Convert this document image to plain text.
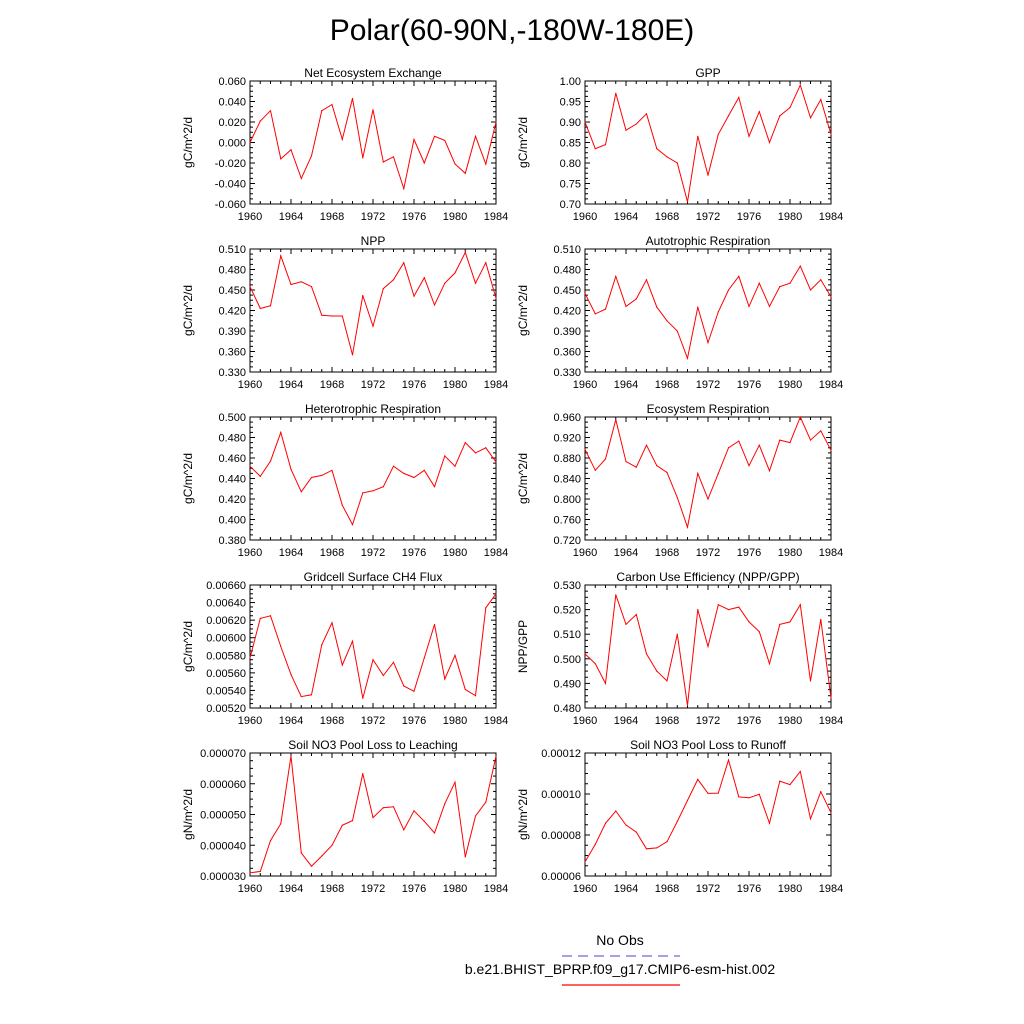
Polar(60-90N,-180W-180E)
Net Ecosystem Exchange
gC/m^2/d
1960 1964 1968 1972 1976 1980 1984
-0.060
-0.040
-0.020
0.000
0.020
0.040
0.060
GPP
gC/m^2/d
1960 1964 1968 1972 1976 1980 1984
0.70
0.75
0.80
0.85
0.90
0.95
1.00
NPP
gC/m^2/d
1960 1964 1968 1972 1976 1980 1984
0.330
0.360
0.390
0.420
0.450
0.480
0.510
Autotrophic Respiration
gC/m^2/d
1960 1964 1968 1972 1976 1980 1984
0.330
0.360
0.390
0.420
0.450
0.480
0.510
Heterotrophic Respiration
gC/m^2/d
1960 1964 1968 1972 1976 1980 1984
0.380
0.400
0.420
0.440
0.460
0.480
0.500
Ecosystem Respiration
gC/m^2/d
1960 1964 1968 1972 1976 1980 1984
0.720
0.760
0.800
0.840
0.880
0.920
0.960
Gridcell Surface CH4 Flux
gC/m^2/d
1960 1964 1968 1972 1976 1980 1984
0.00520
0.00540
0.00560
0.00580
0.00600
0.00620
0.00640
0.00660
Carbon Use Efficiency (NPP/GPP)
NPP/GPP
1960 1964 1968 1972 1976 1980 1984
0.480
0.490
0.500
0.510
0.520
0.530
Soil NO3 Pool Loss to Leaching
gN/m^2/d
1960 1964 1968 1972 1976 1980 1984
0.000030
0.000040
0.000050
0.000060
0.000070
Soil NO3 Pool Loss to Runoff
gN/m^2/d
1960 1964 1968 1972 1976 1980 1984
0.00006
0.00008
0.00010
0.00012
No Obs
b.e21.BHIST_BPRP.f09_g17.CMIP6-esm-hist.002
